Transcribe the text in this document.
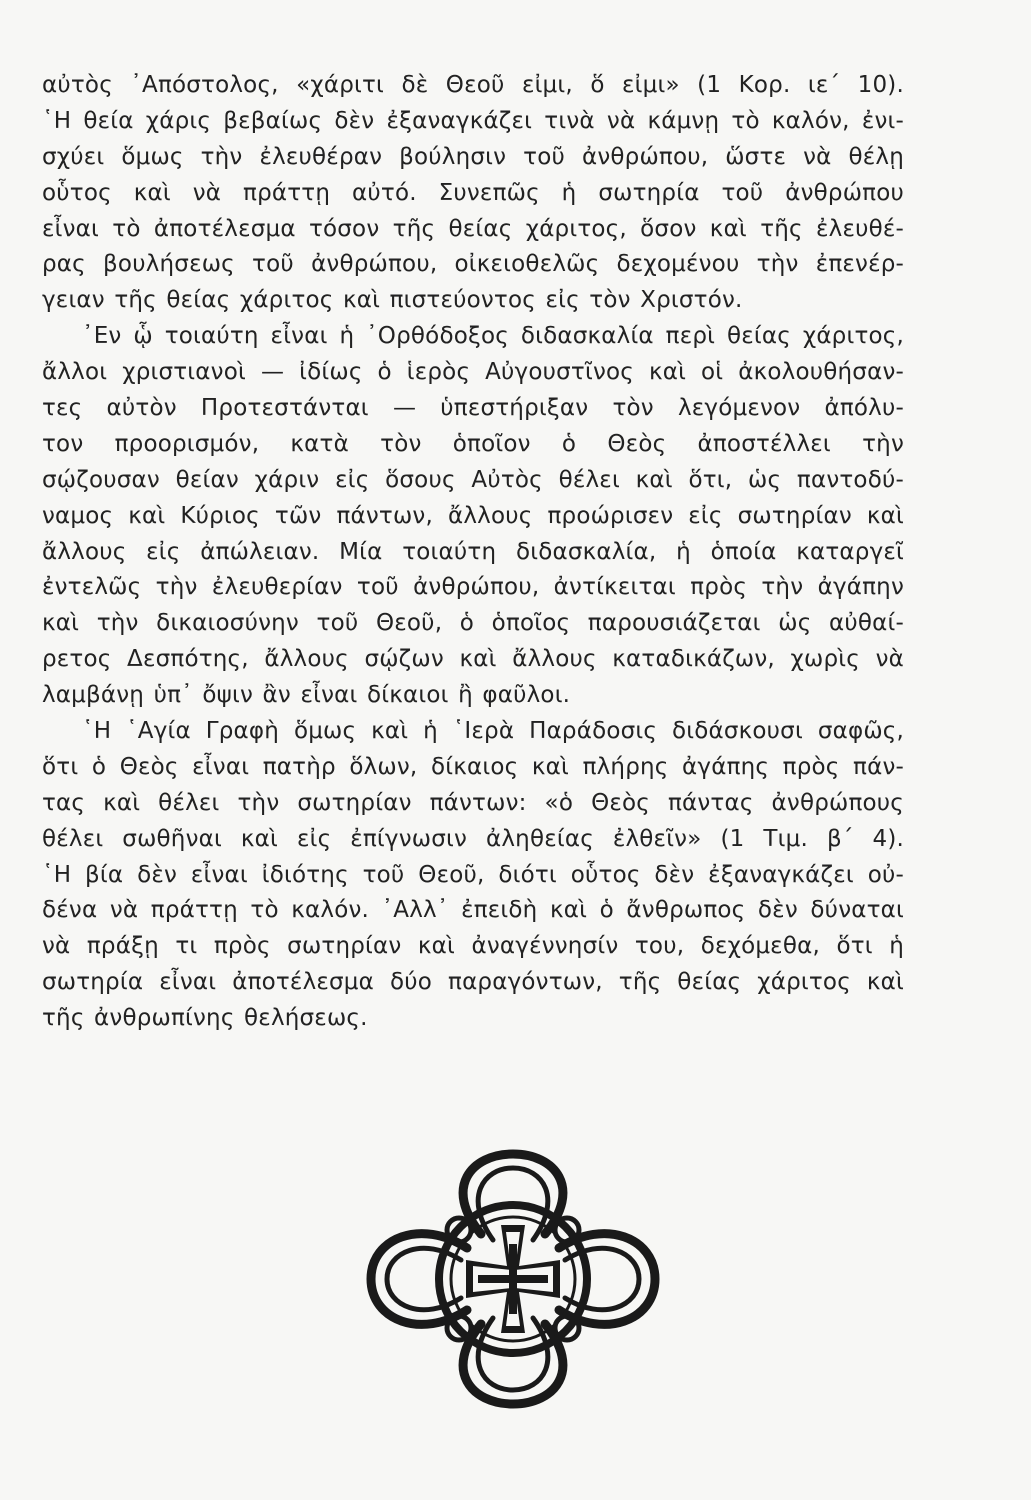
αὐτὸς ᾿Απόστολος, «χάριτι δὲ Θεοῦ εἰμι, ὅ εἰμι» (1 Κορ. ιε΄ 10).
῾Η θεία χάρις βεβαίως δὲν ἐξαναγκάζει τινὰ νὰ κάμνῃ τὸ καλόν, ἐνι-
σχύει ὅμως τὴν ἐλευθέραν βούλησιν τοῦ ἀνθρώπου, ὥστε νὰ θέλῃ
οὗτος καὶ νὰ πράττῃ αὐτό. Συνεπῶς ἡ σωτηρία τοῦ ἀνθρώπου
εἶναι τὸ ἀποτέλεσμα τόσον τῆς θείας χάριτος, ὅσον καὶ τῆς ἐλευθέ-
ρας βουλήσεως τοῦ ἀνθρώπου, οἰκειοθελῶς δεχομένου τὴν ἐπενέρ-
γειαν τῆς θείας χάριτος καὶ πιστεύοντος εἰς τὸν Χριστόν.
᾿Εν ᾧ τοιαύτη εἶναι ἡ ᾿Ορθόδοξος διδασκαλία περὶ θείας χάριτος,
ἄλλοι χριστιανοὶ — ἰδίως ὁ ἱερὸς Αὐγουστῖνος καὶ οἱ ἀκολουθήσαν-
τες αὐτὸν Προτεστάνται — ὑπεστήριξαν τὸν λεγόμενον ἀπόλυ-
τον προορισμόν, κατὰ τὸν ὁποῖον ὁ Θεὸς ἀποστέλλει τὴν
σῴζουσαν θείαν χάριν εἰς ὅσους Αὐτὸς θέλει καὶ ὅτι, ὡς παντοδύ-
ναμος καὶ Κύριος τῶν πάντων, ἄλλους προώρισεν εἰς σωτηρίαν καὶ
ἄλλους εἰς ἀπώλειαν. Μία τοιαύτη διδασκαλία, ἡ ὁποία καταργεῖ
ἐντελῶς τὴν ἐλευθερίαν τοῦ ἀνθρώπου, ἀντίκειται πρὸς τὴν ἀγάπην
καὶ τὴν δικαιοσύνην τοῦ Θεοῦ, ὁ ὁποῖος παρουσιάζεται ὡς αὐθαί-
ρετος Δεσπότης, ἄλλους σῴζων καὶ ἄλλους καταδικάζων, χωρὶς νὰ
λαμβάνῃ ὑπ᾿ ὄψιν ἂν εἶναι δίκαιοι ἢ φαῦλοι.
῾Η ῾Αγία Γραφὴ ὅμως καὶ ἡ ῾Ιερὰ Παράδοσις διδάσκουσι σαφῶς,
ὅτι ὁ Θεὸς εἶναι πατὴρ ὅλων, δίκαιος καὶ πλήρης ἀγάπης πρὸς πάν-
τας καὶ θέλει τὴν σωτηρίαν πάντων: «ὁ Θεὸς πάντας ἀνθρώπους
θέλει σωθῆναι καὶ εἰς ἐπίγνωσιν ἀληθείας ἐλθεῖν» (1 Τιμ. β΄ 4).
῾Η βία δὲν εἶναι ἰδιότης τοῦ Θεοῦ, διότι οὗτος δὲν ἐξαναγκάζει οὐ-
δένα νὰ πράττῃ τὸ καλόν. ᾿Αλλ᾿ ἐπειδὴ καὶ ὁ ἄνθρωπος δὲν δύναται
νὰ πράξῃ τι πρὸς σωτηρίαν καὶ ἀναγέννησίν του, δεχόμεθα, ὅτι ἡ
σωτηρία εἶναι ἀποτέλεσμα δύο παραγόντων, τῆς θείας χάριτος καὶ
τῆς ἀνθρωπίνης θελήσεως.
